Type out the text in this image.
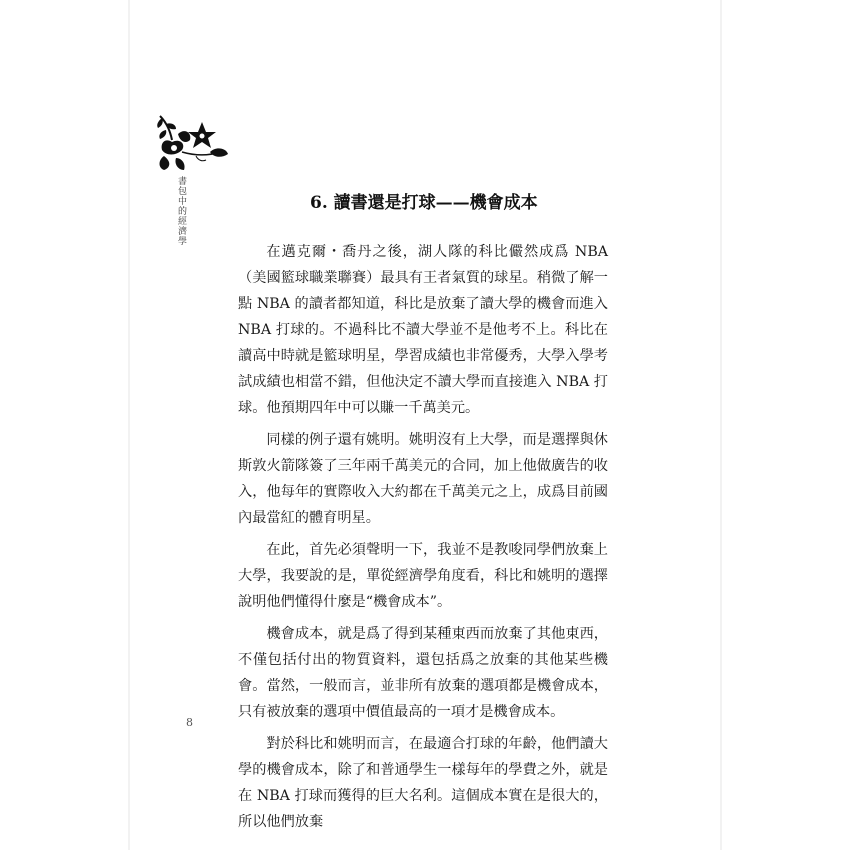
書包中的經濟學	6. 讀書還是打球——機會成本

在邁克爾・喬丹之後，湖人隊的科比儼然成爲 NBA（美國籃球職業聯賽）最具有王者氣質的球星。稍微了解一點 NBA 的讀者都知道，科比是放棄了讀大學的機會而進入 NBA 打球的。不過科比不讀大學並不是他考不上。科比在讀高中時就是籃球明星，學習成績也非常優秀，大學入學考試成績也相當不錯，但他決定不讀大學而直接進入 NBA 打球。他預期四年中可以賺一千萬美元。

同樣的例子還有姚明。姚明沒有上大學，而是選擇與休斯敦火箭隊簽了三年兩千萬美元的合同，加上他做廣告的收入，他每年的實際收入大約都在千萬美元之上，成爲目前國內最當紅的體育明星。

在此，首先必須聲明一下，我並不是教唆同學們放棄上大學，我要說的是，單從經濟學角度看，科比和姚明的選擇說明他們懂得什麼是“機會成本”。

機會成本，就是爲了得到某種東西而放棄了其他東西，不僅包括付出的物質資料，還包括爲之放棄的其他某些機會。當然，一般而言，並非所有放棄的選項都是機會成本，只有被放棄的選項中價值最高的一項才是機會成本。

對於科比和姚明而言，在最適合打球的年齡，他們讀大學的機會成本，除了和普通學生一樣每年的學費之外，就是在 NBA 打球而獲得的巨大名利。這個成本實在是很大的，所以他們放棄

8
